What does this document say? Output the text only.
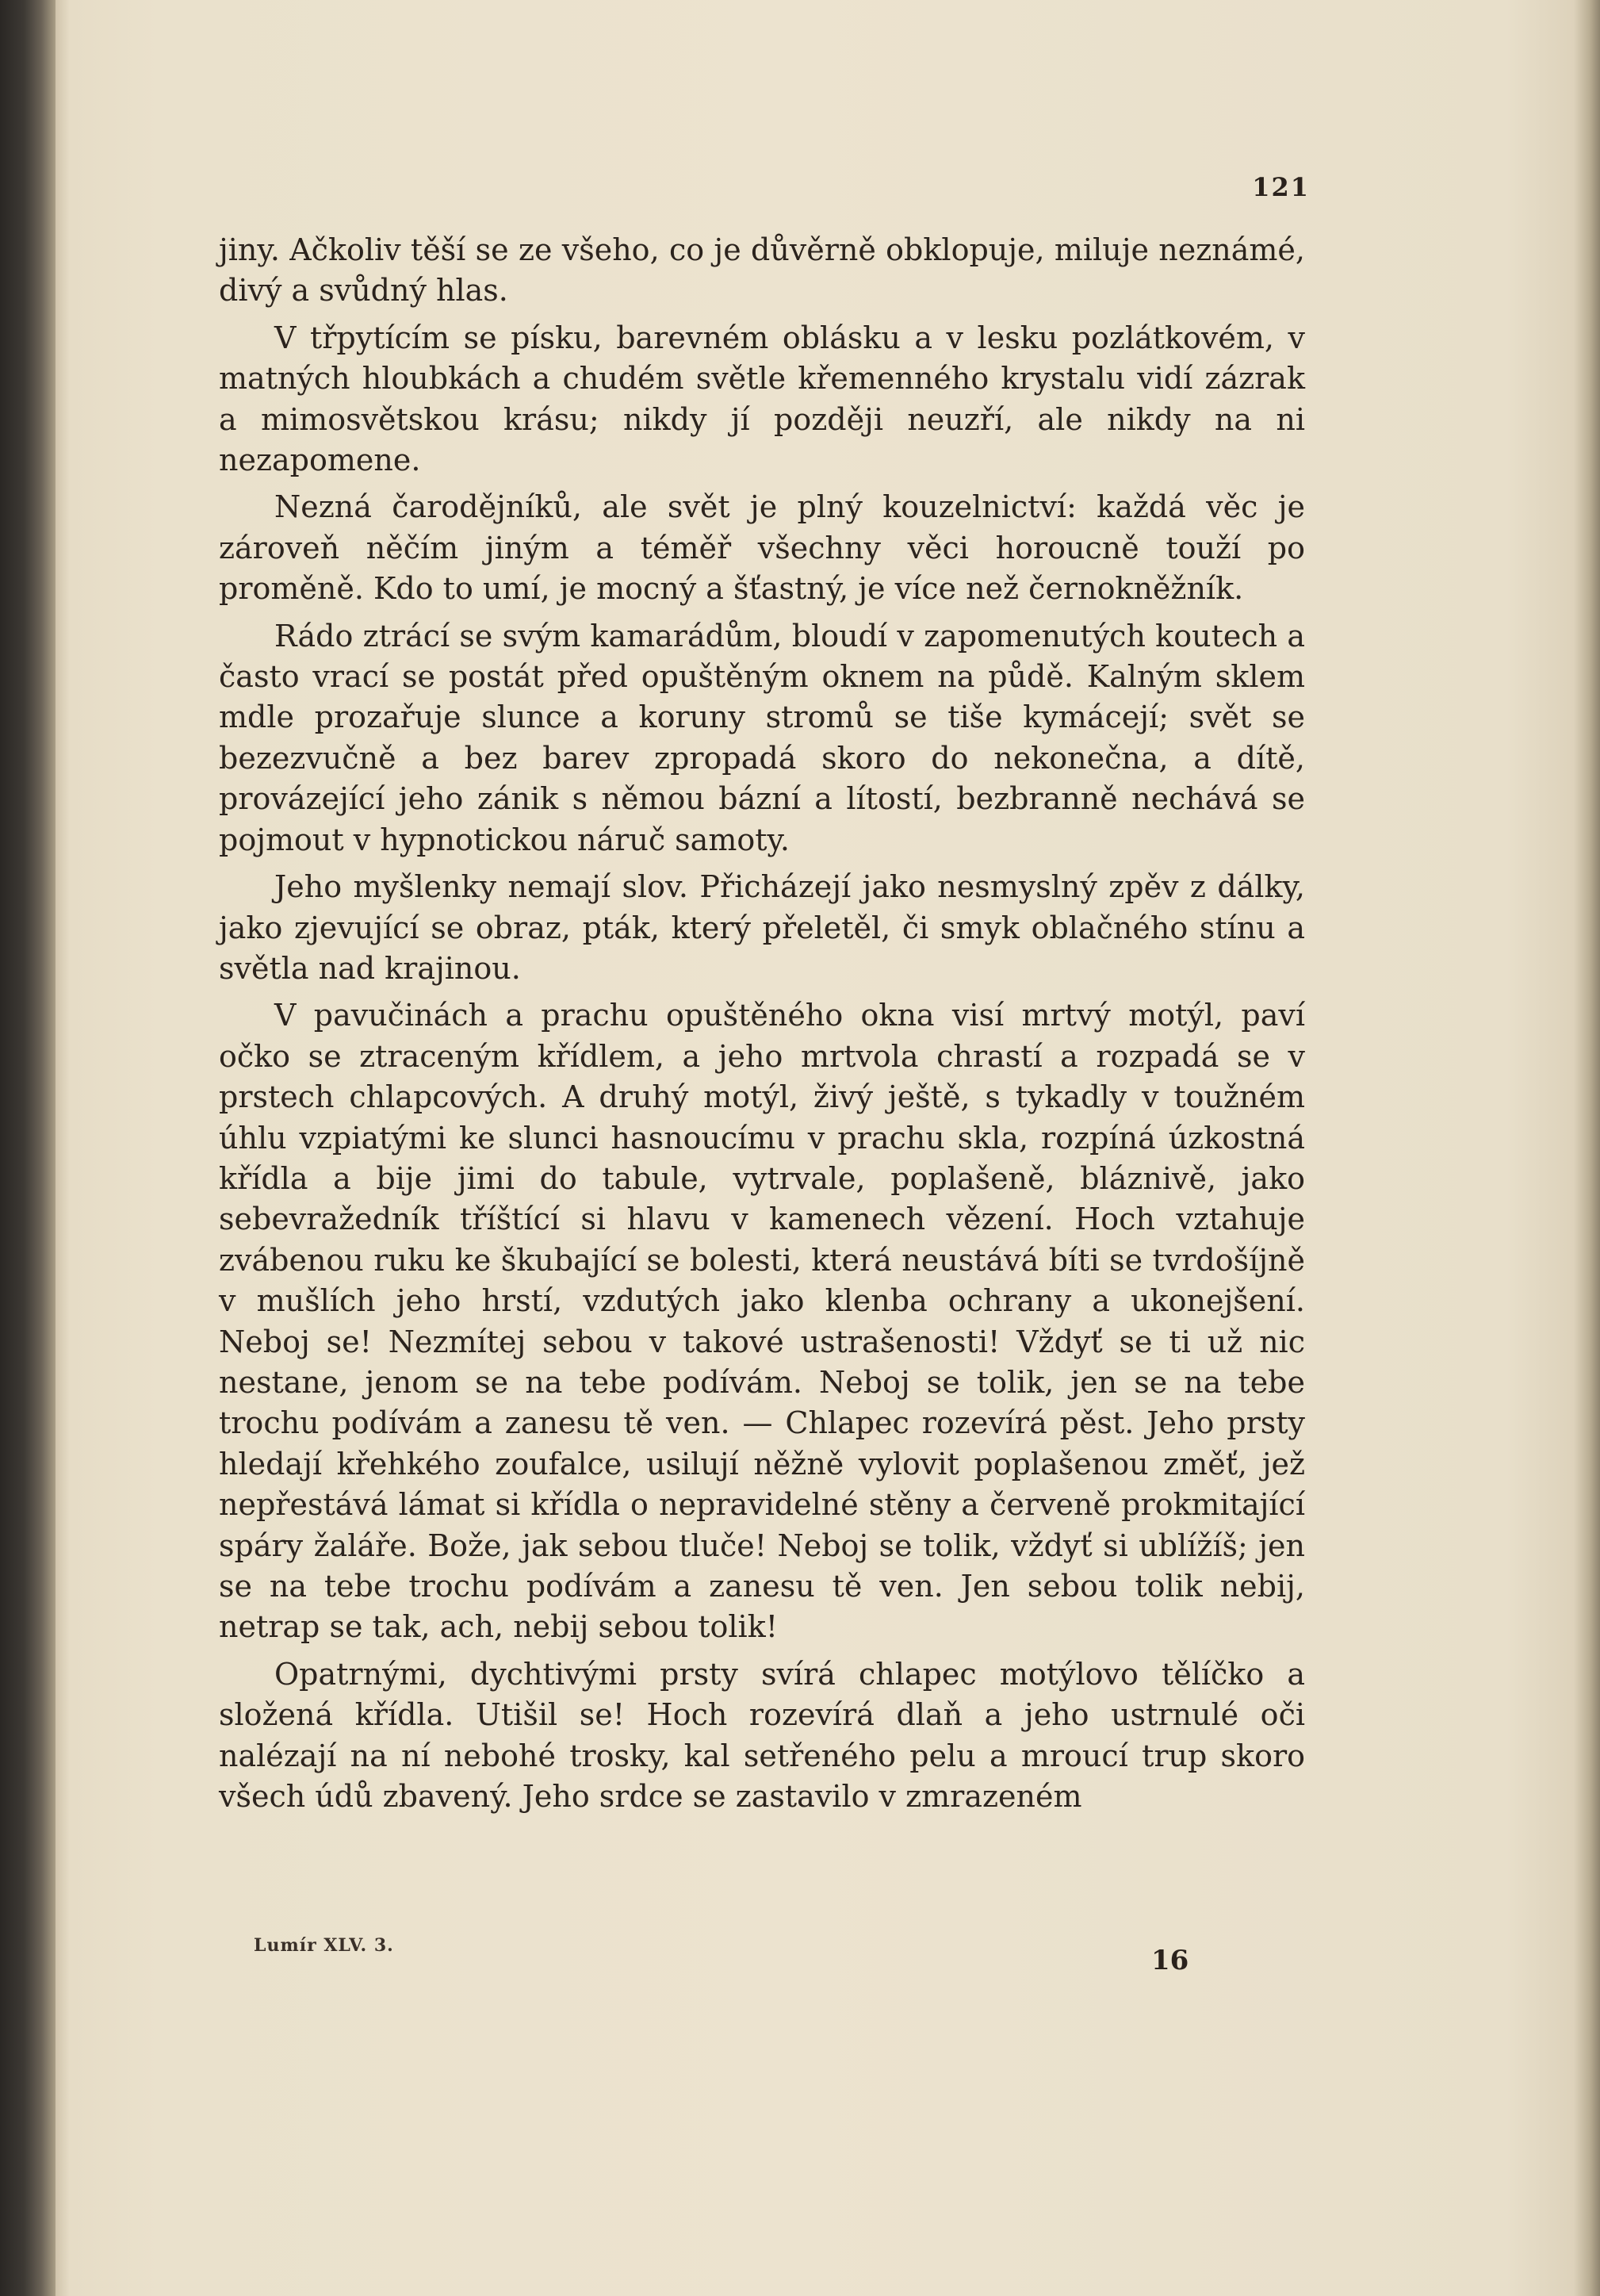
121

jiny. Ačkoliv těší se ze všeho, co je důvěrně obklopuje, miluje neznámé, divý a svůdný hlas.

V třpytícím se písku, barevném oblásku a v lesku pozlátkovém, v matných hloubkách a chudém světle křemenného krystalu vidí zázrak a mimosvětskou krásu; nikdy jí později neuzří, ale nikdy na ni nezapomene.

Nezná čarodějníků, ale svět je plný kouzelnictví: každá věc je zároveň něčím jiným a téměř všechny věci horoucně touží po proměně. Kdo to umí, je mocný a šťastný, je více než černokněžník.

Rádo ztrácí se svým kamarádům, bloudí v zapomenutých koutech a často vrací se postát před opuštěným oknem na půdě. Kalným sklem mdle prozařuje slunce a koruny stromů se tiše kymácejí; svět se bezezvučně a bez barev zpropadá skoro do nekonečna, a dítě, provázející jeho zánik s němou bázní a lítostí, bezbranně nechává se pojmout v hypnotickou náruč samoty.

Jeho myšlenky nemají slov. Přicházejí jako nesmyslný zpěv z dálky, jako zjevující se obraz, pták, který přeletěl, či smyk oblačného stínu a světla nad krajinou.

V pavučinách a prachu opuštěného okna visí mrtvý motýl, paví očko se ztraceným křídlem, a jeho mrtvola chrastí a rozpadá se v prstech chlapcových. A druhý motýl, živý ještě, s tykadly v toužném úhlu vzpiatými ke slunci hasnoucímu v prachu skla, rozpíná úzkostná křídla a bije jimi do tabule, vytrvale, poplašeně, bláznivě, jako sebevražedník tříštící si hlavu v kamenech vězení. Hoch vztahuje zvábenou ruku ke škubající se bolesti, která neustává bíti se tvrdošíjně v mušlích jeho hrstí, vzdutých jako klenba ochrany a ukonejšení. Neboj se! Nezmítej sebou v takové ustrašenosti! Vždyť se ti už nic nestane, jenom se na tebe podívám. Neboj se tolik, jen se na tebe trochu podívám a zanesu tě ven. — Chlapec rozevírá pěst. Jeho prsty hledají křehkého zoufalce, usilují něžně vylovit poplašenou změť, jež nepřestává lámat si křídla o nepravidelné stěny a červeně prokmitající spáry žaláře. Bože, jak sebou tluče! Neboj se tolik, vždyť si ublížíš; jen se na tebe trochu podívám a zanesu tě ven. Jen sebou tolik nebij, netrap se tak, ach, nebij sebou tolik!

Opatrnými, dychtivými prsty svírá chlapec motýlovo tělíčko a složená křídla. Utišil se! Hoch rozevírá dlaň a jeho ustrnulé oči nalézají na ní nebohé trosky, kal setřeného pelu a mroucí trup skoro všech údů zbavený. Jeho srdce se zastavilo v zmrazeném

Lumír XLV. 3.	16
